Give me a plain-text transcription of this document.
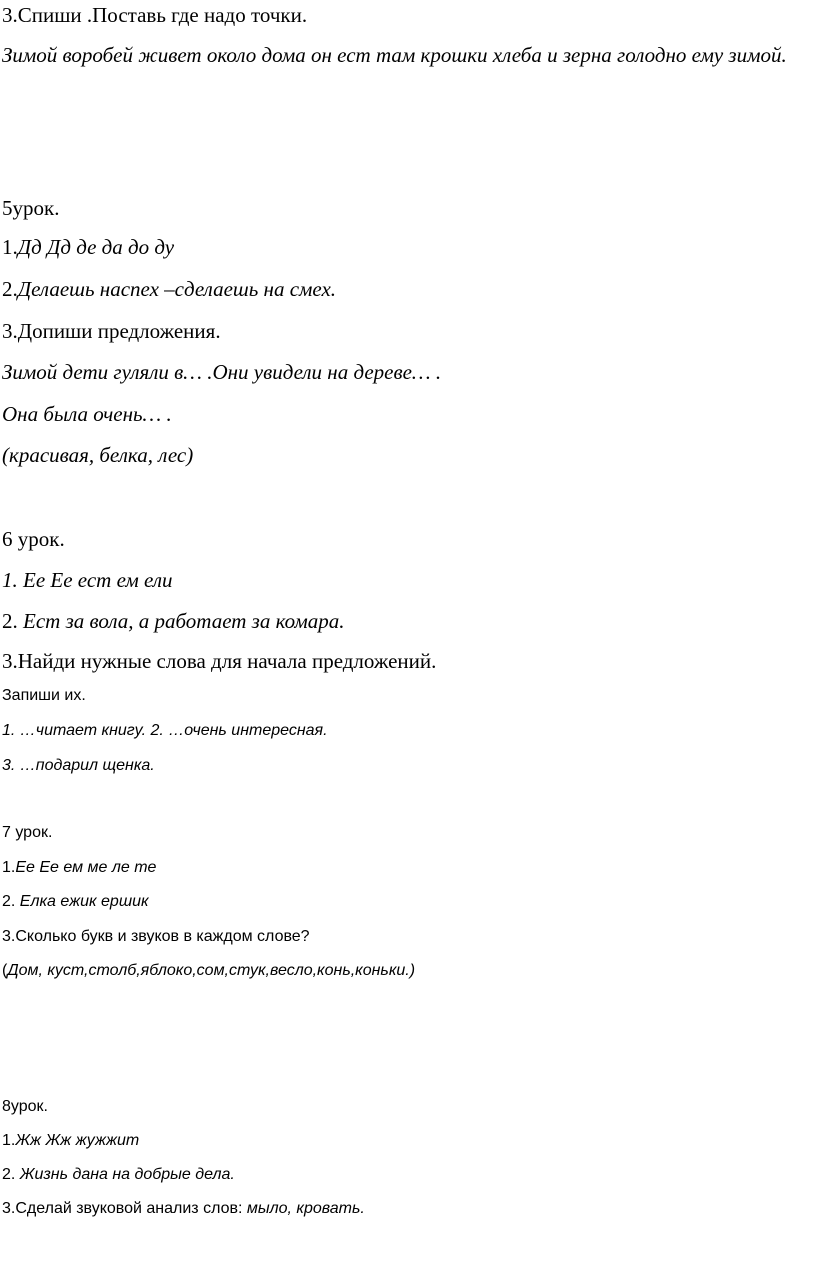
3.Спиши .Поставь где надо точки.
Зимой воробей живет около дома он ест там крошки хлеба и зерна голодно ему зимой.
5урок.
1.Дд Дд де да до ду
2.Делаешь наспех –сделаешь на смех.
3.Допиши предложения.
Зимой дети гуляли в… .Они увидели на дереве… .
Она была очень… .
(красивая, белка, лес)
6 урок.
1. Ее Ее ест ем ели
2. Ест за вола, а работает за комара.
3.Найди нужные слова для начала предложений.
Запиши их.
1. …читает книгу. 2. …очень интересная.
3. …подарил щенка.
7 урок.
1.Ее Ее ем ме ле те
2. Елка ежик ершик
3.Сколько букв и звуков в каждом слове?
(Дом, куст,столб,яблоко,сом,стук,весло,конь,коньки.)
8урок.
1.Жж Жж жужжит
2. Жизнь дана на добрые дела.
3.Сделай звуковой анализ слов: мыло, кровать.
